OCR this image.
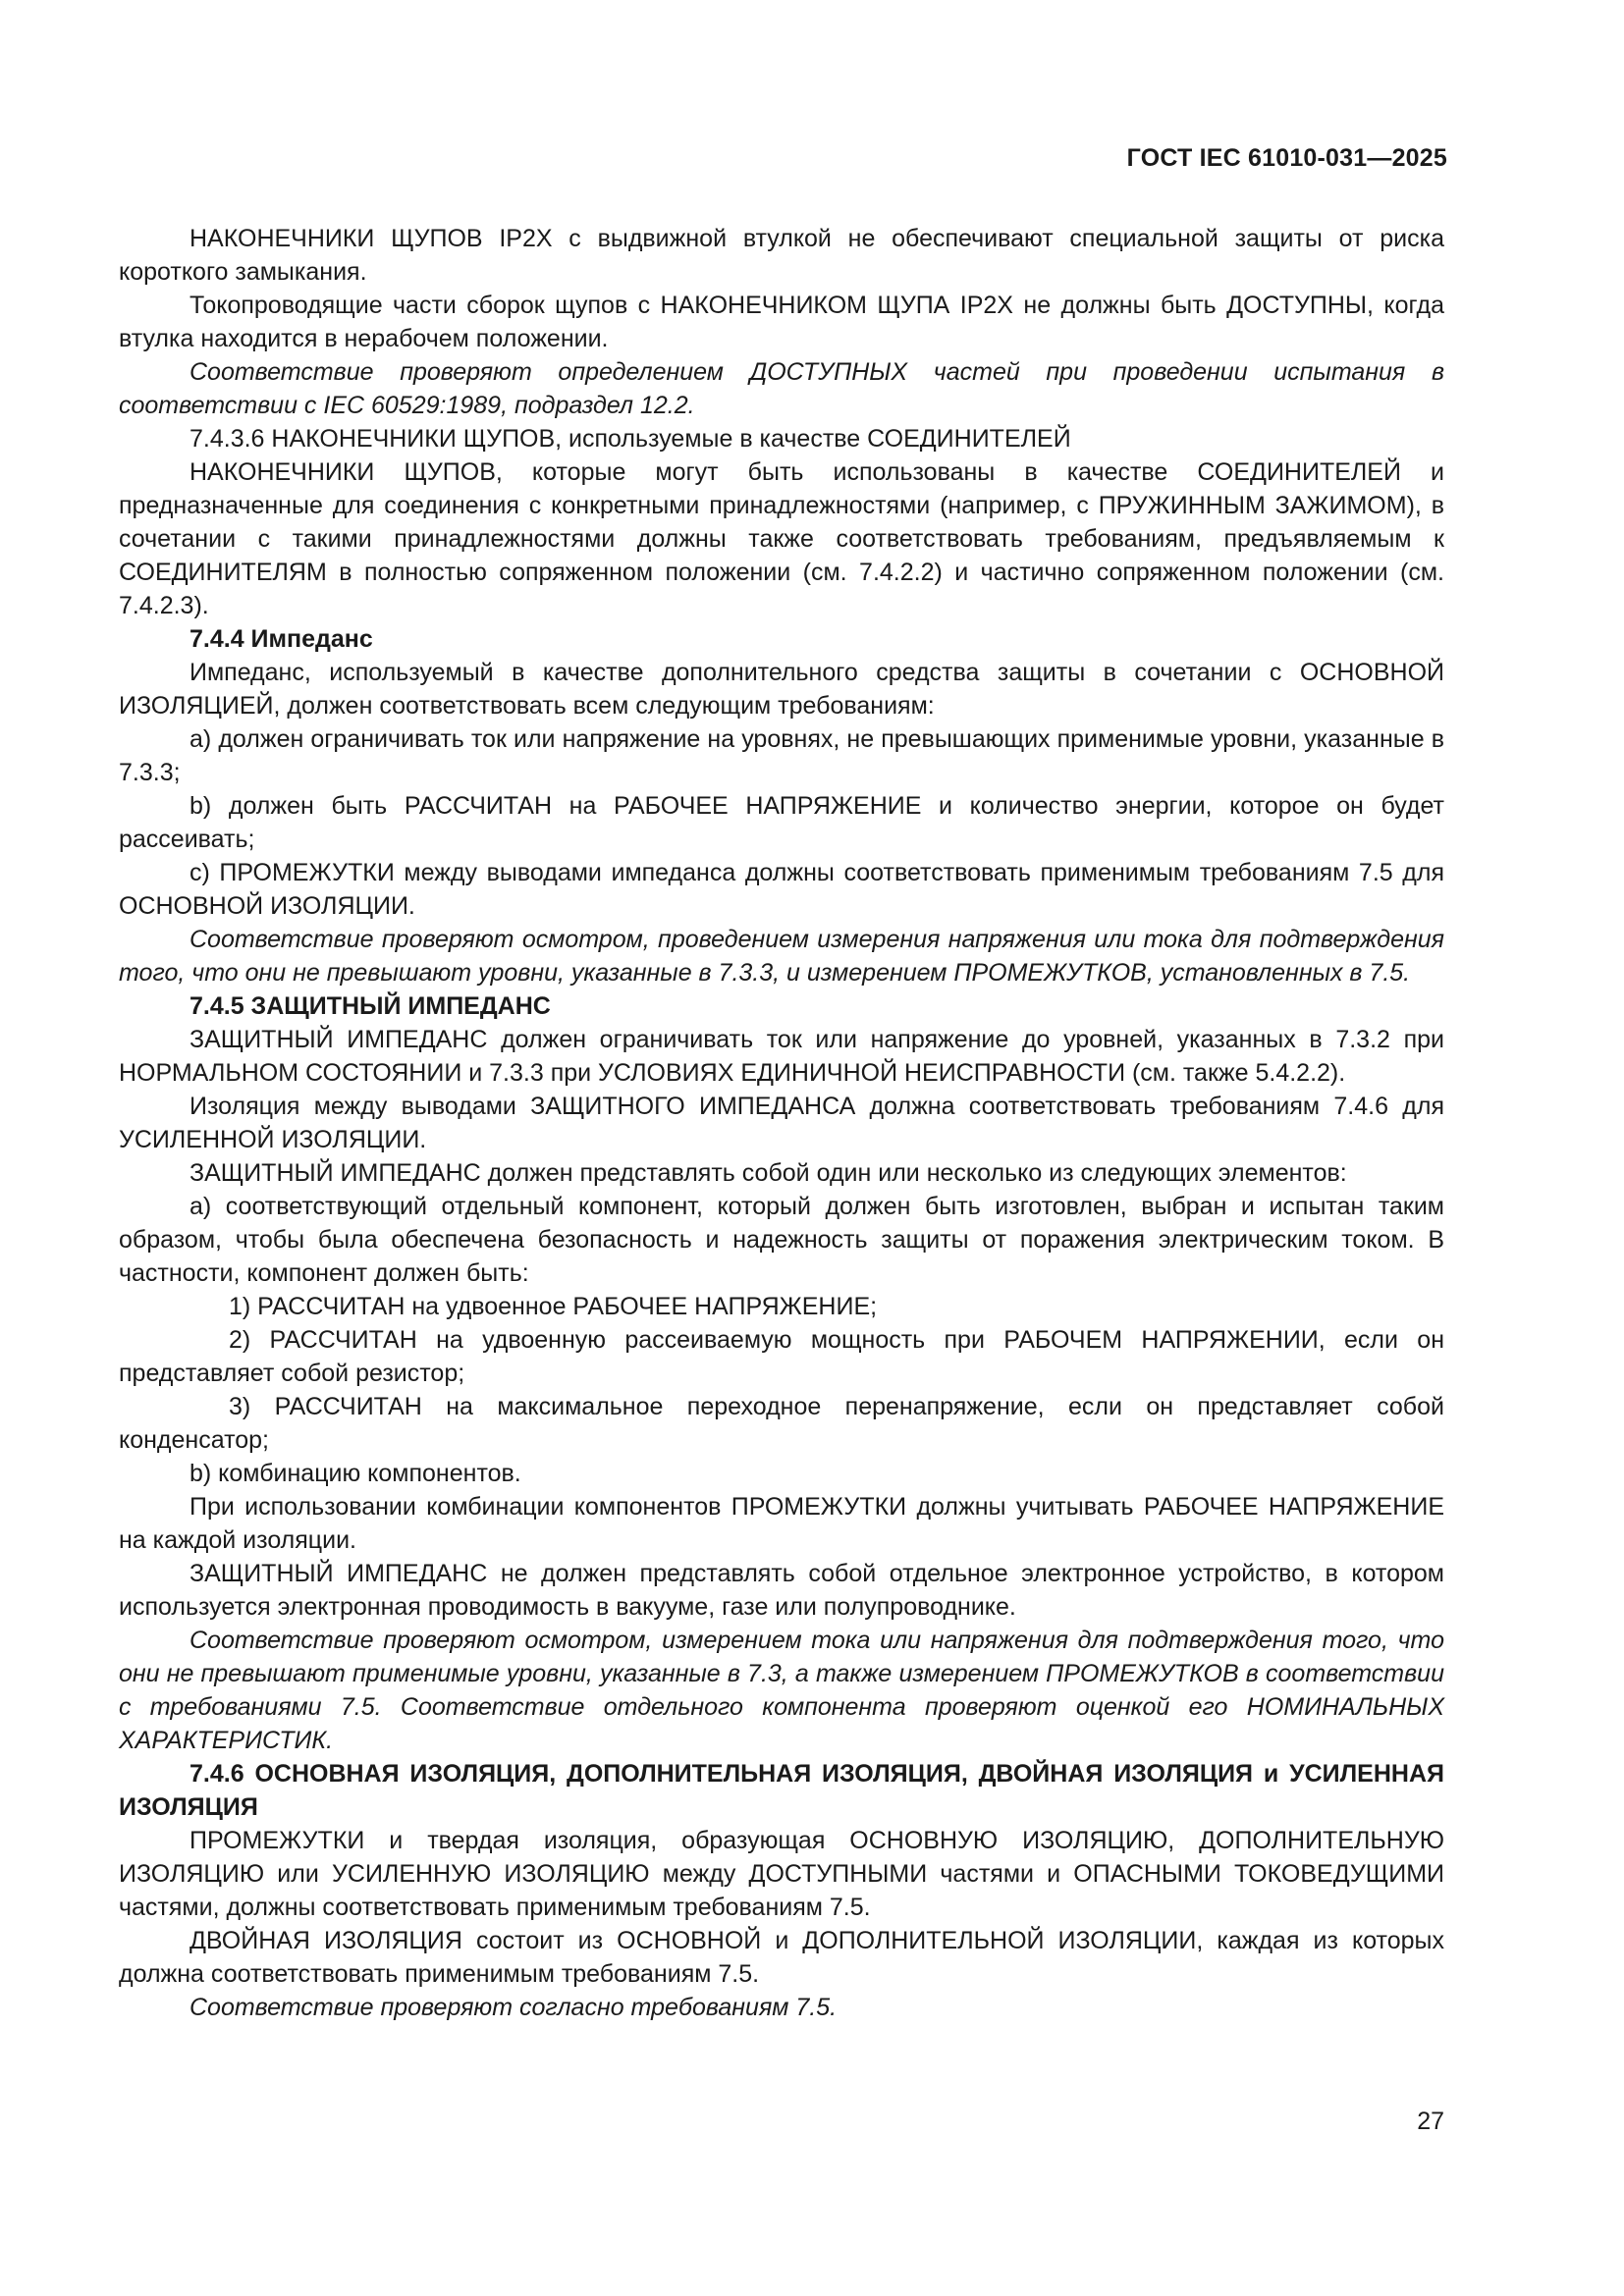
ГОСТ IEC 61010-031—2025

НАКОНЕЧНИКИ ЩУПОВ IP2X с выдвижной втулкой не обеспечивают специальной защиты от риска короткого замыкания.

Токопроводящие части сборок щупов с НАКОНЕЧНИКОМ ЩУПА IP2X не должны быть ДОСТУПНЫ, когда втулка находится в нерабочем положении.

Соответствие проверяют определением ДОСТУПНЫХ частей при проведении испытания в соответствии с IEC 60529:1989, подраздел 12.2.

7.4.3.6 НАКОНЕЧНИКИ ЩУПОВ, используемые в качестве СОЕДИНИТЕЛЕЙ

НАКОНЕЧНИКИ ЩУПОВ, которые могут быть использованы в качестве СОЕДИНИТЕЛЕЙ и предназначенные для соединения с конкретными принадлежностями (например, с ПРУЖИННЫМ ЗАЖИМОМ), в сочетании с такими принадлежностями должны также соответствовать требованиям, предъявляемым к СОЕДИНИТЕЛЯМ в полностью сопряженном положении (см. 7.4.2.2) и частично сопряженном положении (см. 7.4.2.3).

7.4.4 Импеданс

Импеданс, используемый в качестве дополнительного средства защиты в сочетании с ОСНОВНОЙ ИЗОЛЯЦИЕЙ, должен соответствовать всем следующим требованиям:

a) должен ограничивать ток или напряжение на уровнях, не превышающих применимые уровни, указанные в 7.3.3;

b) должен быть РАССЧИТАН на РАБОЧЕЕ НАПРЯЖЕНИЕ и количество энергии, которое он будет рассеивать;

c) ПРОМЕЖУТКИ между выводами импеданса должны соответствовать применимым требованиям 7.5 для ОСНОВНОЙ ИЗОЛЯЦИИ.

Соответствие проверяют осмотром, проведением измерения напряжения или тока для подтверждения того, что они не превышают уровни, указанные в 7.3.3, и измерением ПРОМЕЖУТКОВ, установленных в 7.5.

7.4.5 ЗАЩИТНЫЙ ИМПЕДАНС

ЗАЩИТНЫЙ ИМПЕДАНС должен ограничивать ток или напряжение до уровней, указанных в 7.3.2 при НОРМАЛЬНОМ СОСТОЯНИИ и 7.3.3 при УСЛОВИЯХ ЕДИНИЧНОЙ НЕИСПРАВНОСТИ (см. также 5.4.2.2).

Изоляция между выводами ЗАЩИТНОГО ИМПЕДАНСА должна соответствовать требованиям 7.4.6 для УСИЛЕННОЙ ИЗОЛЯЦИИ.

ЗАЩИТНЫЙ ИМПЕДАНС должен представлять собой один или несколько из следующих элементов:

a) соответствующий отдельный компонент, который должен быть изготовлен, выбран и испытан таким образом, чтобы была обеспечена безопасность и надежность защиты от поражения электрическим током. В частности, компонент должен быть:

1) РАССЧИТАН на удвоенное РАБОЧЕЕ НАПРЯЖЕНИЕ;

2) РАССЧИТАН на удвоенную рассеиваемую мощность при РАБОЧЕМ НАПРЯЖЕНИИ, если он представляет собой резистор;

3) РАССЧИТАН на максимальное переходное перенапряжение, если он представляет собой конденсатор;

b) комбинацию компонентов.

При использовании комбинации компонентов ПРОМЕЖУТКИ должны учитывать РАБОЧЕЕ НАПРЯЖЕНИЕ на каждой изоляции.

ЗАЩИТНЫЙ ИМПЕДАНС не должен представлять собой отдельное электронное устройство, в котором используется электронная проводимость в вакууме, газе или полупроводнике.

Соответствие проверяют осмотром, измерением тока или напряжения для подтверждения того, что они не превышают применимые уровни, указанные в 7.3, а также измерением ПРОМЕЖУТКОВ в соответствии с требованиями 7.5. Соответствие отдельного компонента проверяют оценкой его НОМИНАЛЬНЫХ ХАРАКТЕРИСТИК.

7.4.6 ОСНОВНАЯ ИЗОЛЯЦИЯ, ДОПОЛНИТЕЛЬНАЯ ИЗОЛЯЦИЯ, ДВОЙНАЯ ИЗОЛЯЦИЯ и УСИЛЕННАЯ ИЗОЛЯЦИЯ

ПРОМЕЖУТКИ и твердая изоляция, образующая ОСНОВНУЮ ИЗОЛЯЦИЮ, ДОПОЛНИТЕЛЬНУЮ ИЗОЛЯЦИЮ или УСИЛЕННУЮ ИЗОЛЯЦИЮ между ДОСТУПНЫМИ частями и ОПАСНЫМИ ТОКОВЕДУЩИМИ частями, должны соответствовать применимым требованиям 7.5.

ДВОЙНАЯ ИЗОЛЯЦИЯ состоит из ОСНОВНОЙ и ДОПОЛНИТЕЛЬНОЙ ИЗОЛЯЦИИ, каждая из которых должна соответствовать применимым требованиям 7.5.

Соответствие проверяют согласно требованиям 7.5.

27
